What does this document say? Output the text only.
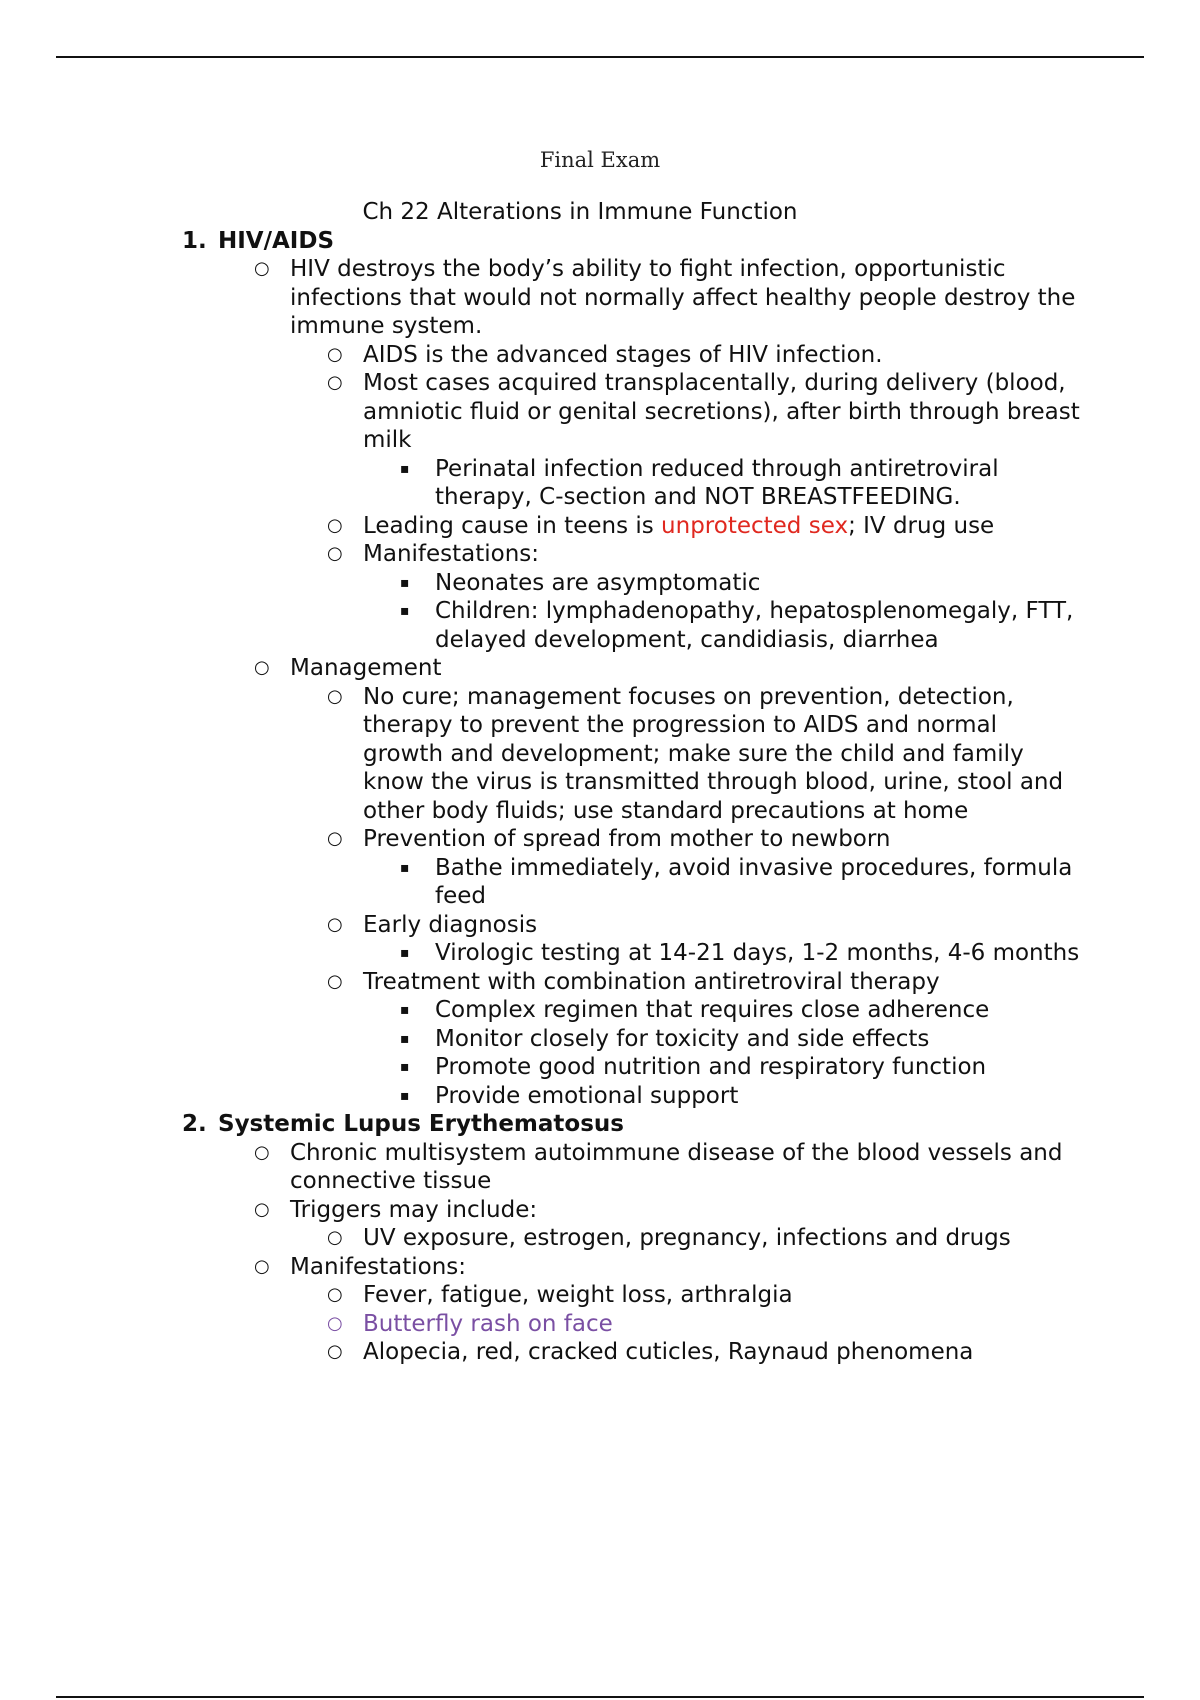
Final Exam
Ch 22 Alterations in Immune Function
1. HIV/AIDS
○ HIV destroys the body’s ability to fight infection, opportunistic infections that would not normally affect healthy people destroy the immune system.
○ AIDS is the advanced stages of HIV infection.
○ Most cases acquired transplacentally, during delivery (blood, amniotic fluid or genital secretions), after birth through breast milk
▪ Perinatal infection reduced through antiretroviral therapy, C-section and NOT BREASTFEEDING.
○ Leading cause in teens is unprotected sex; IV drug use
○ Manifestations:
▪ Neonates are asymptomatic
▪ Children: lymphadenopathy, hepatosplenomegaly, FTT, delayed development, candidiasis, diarrhea
○ Management
○ No cure; management focuses on prevention, detection, therapy to prevent the progression to AIDS and normal growth and development; make sure the child and family know the virus is transmitted through blood, urine, stool and other body fluids; use standard precautions at home
○ Prevention of spread from mother to newborn
▪ Bathe immediately, avoid invasive procedures, formula feed
○ Early diagnosis
▪ Virologic testing at 14-21 days, 1-2 months, 4-6 months
○ Treatment with combination antiretroviral therapy
▪ Complex regimen that requires close adherence
▪ Monitor closely for toxicity and side effects
▪ Promote good nutrition and respiratory function
▪ Provide emotional support
2. Systemic Lupus Erythematosus
○ Chronic multisystem autoimmune disease of the blood vessels and connective tissue
○ Triggers may include:
○ UV exposure, estrogen, pregnancy, infections and drugs
○ Manifestations:
○ Fever, fatigue, weight loss, arthralgia
○ Butterfly rash on face
○ Alopecia, red, cracked cuticles, Raynaud phenomena
